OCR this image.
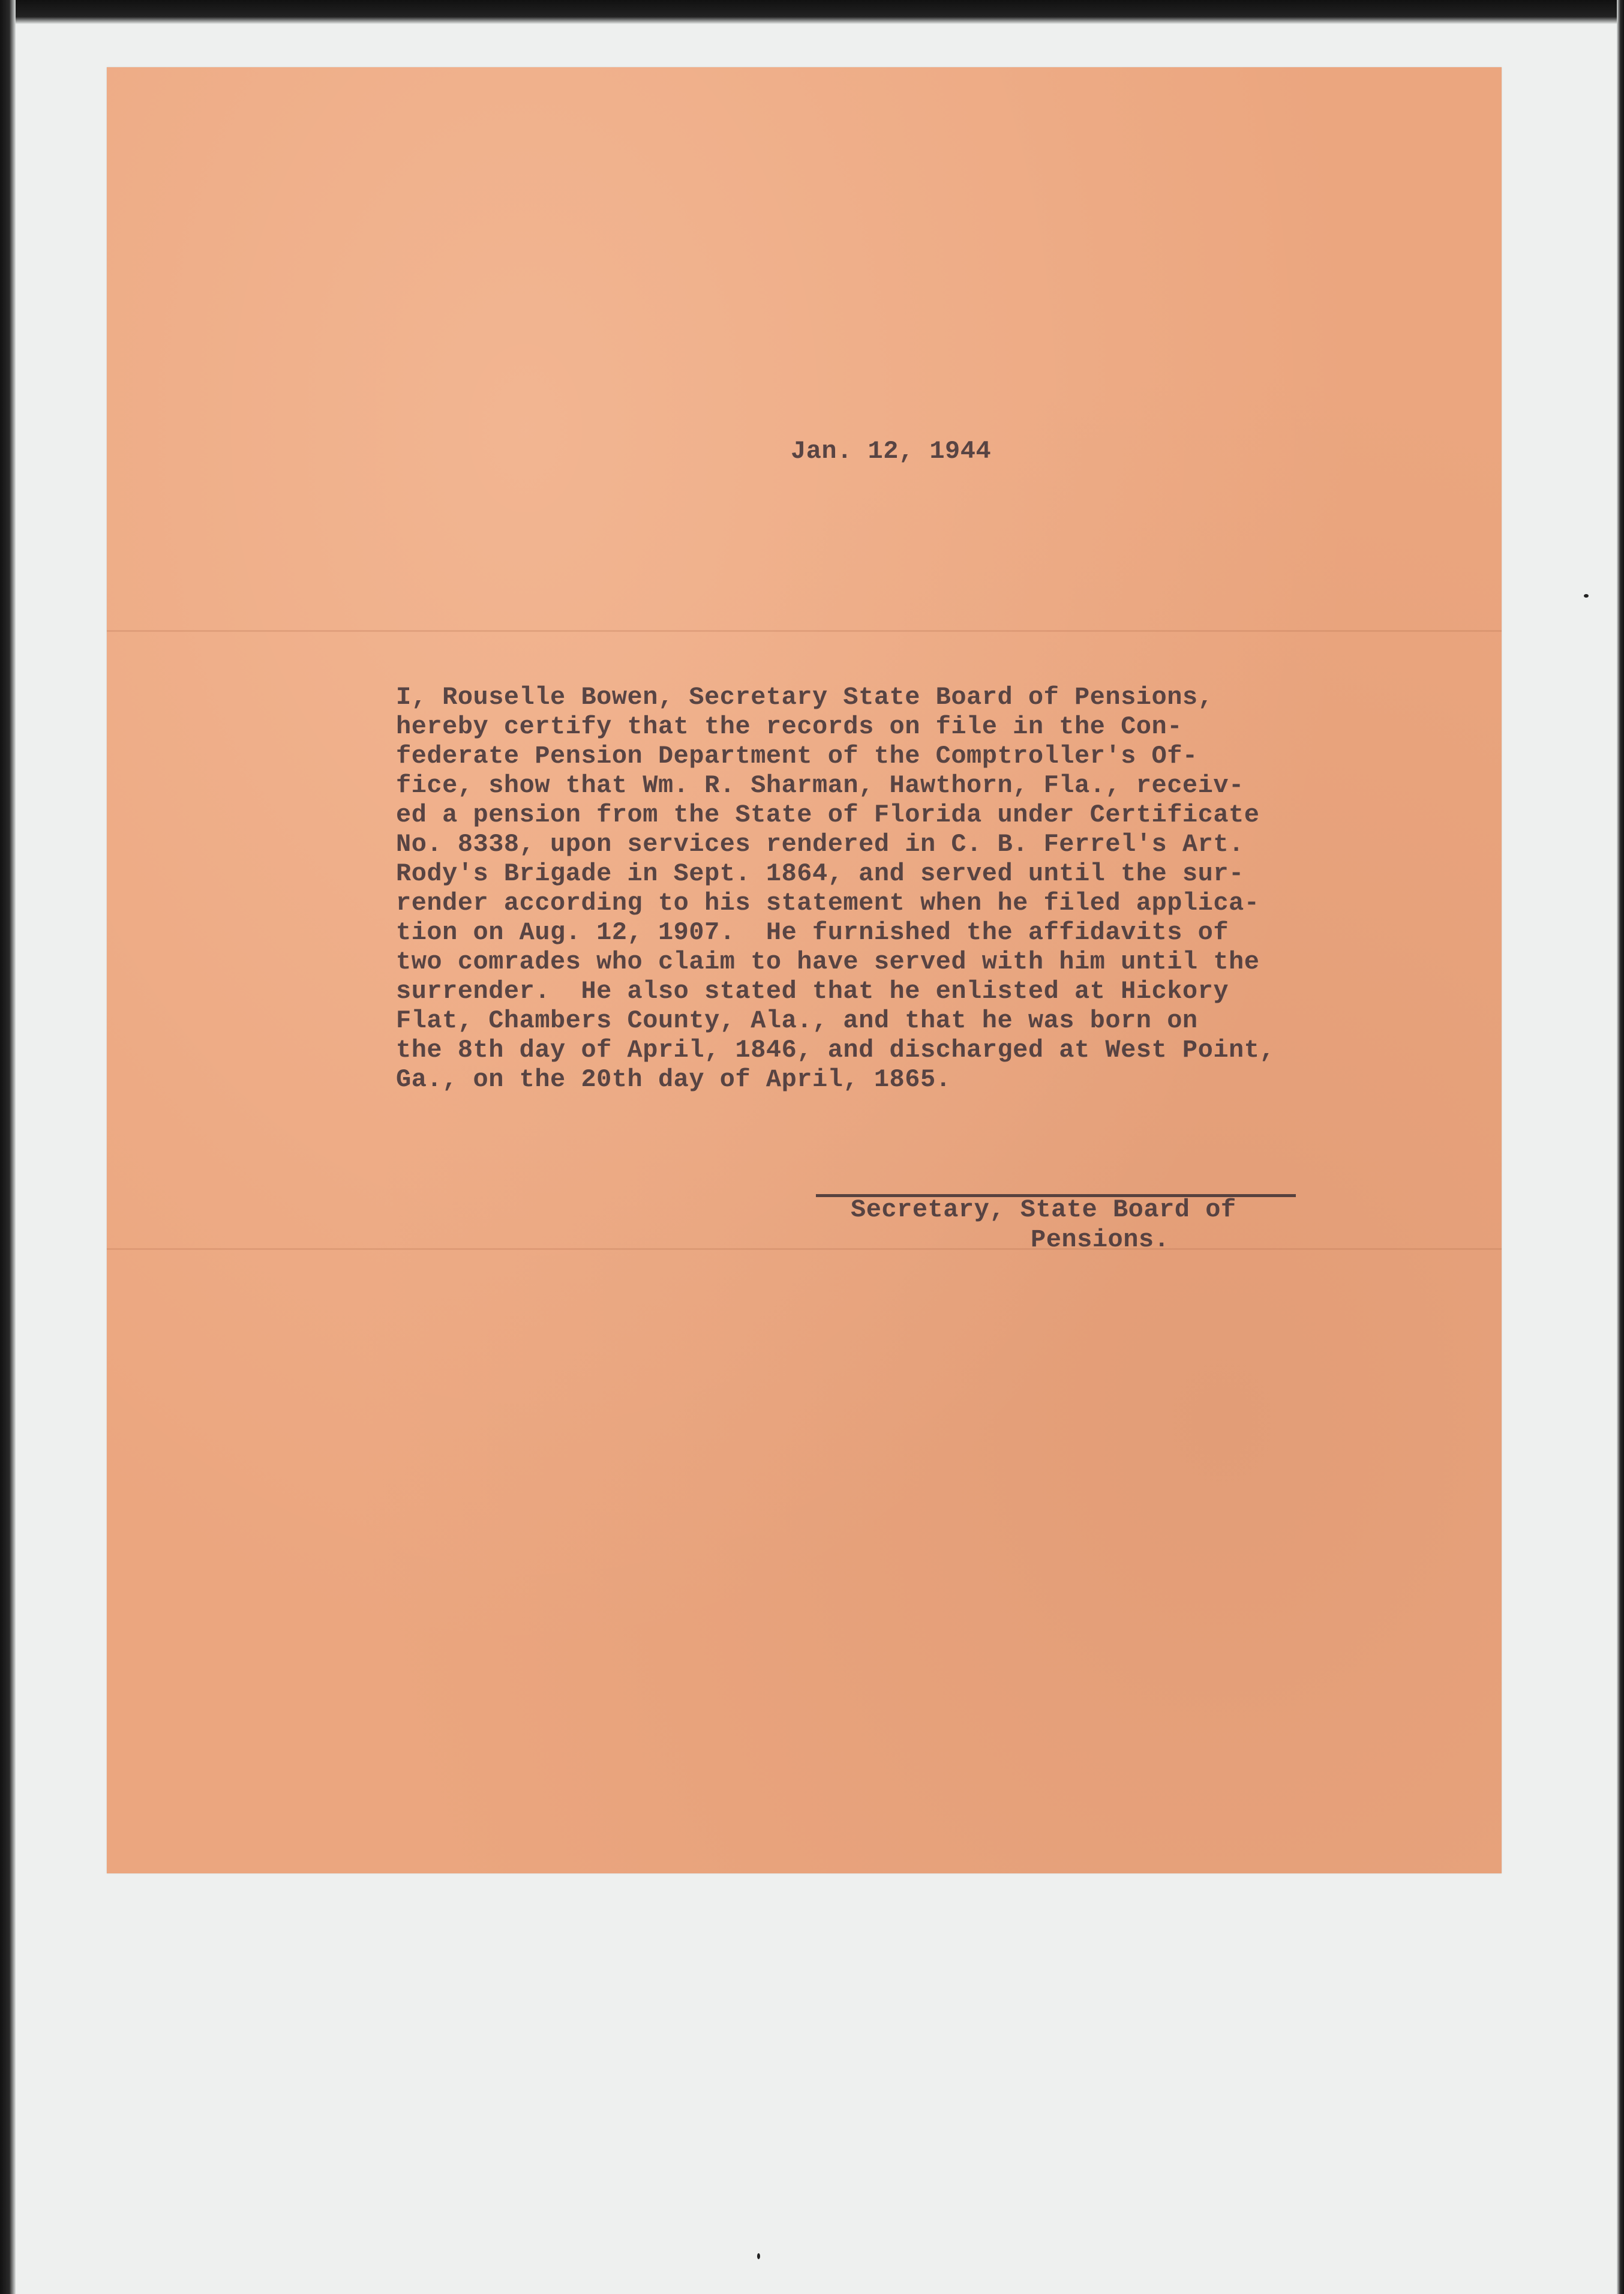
Jan. 12, 1944
I, Rouselle Bowen, Secretary State Board of Pensions,
hereby certify that the records on file in the Con-
federate Pension Department of the Comptroller's Of-
fice, show that Wm. R. Sharman, Hawthorn, Fla., receiv-
ed a pension from the State of Florida under Certificate
No. 8338, upon services rendered in C. B. Ferrel's Art.
Rody's Brigade in Sept. 1864, and served until the sur-
render according to his statement when he filed applica-
tion on Aug. 12, 1907.  He furnished the affidavits of
two comrades who claim to have served with him until the
surrender.  He also stated that he enlisted at Hickory
Flat, Chambers County, Ala., and that he was born on
the 8th day of April, 1846, and discharged at West Point,
Ga., on the 20th day of April, 1865.
Secretary, State Board of
Pensions.
